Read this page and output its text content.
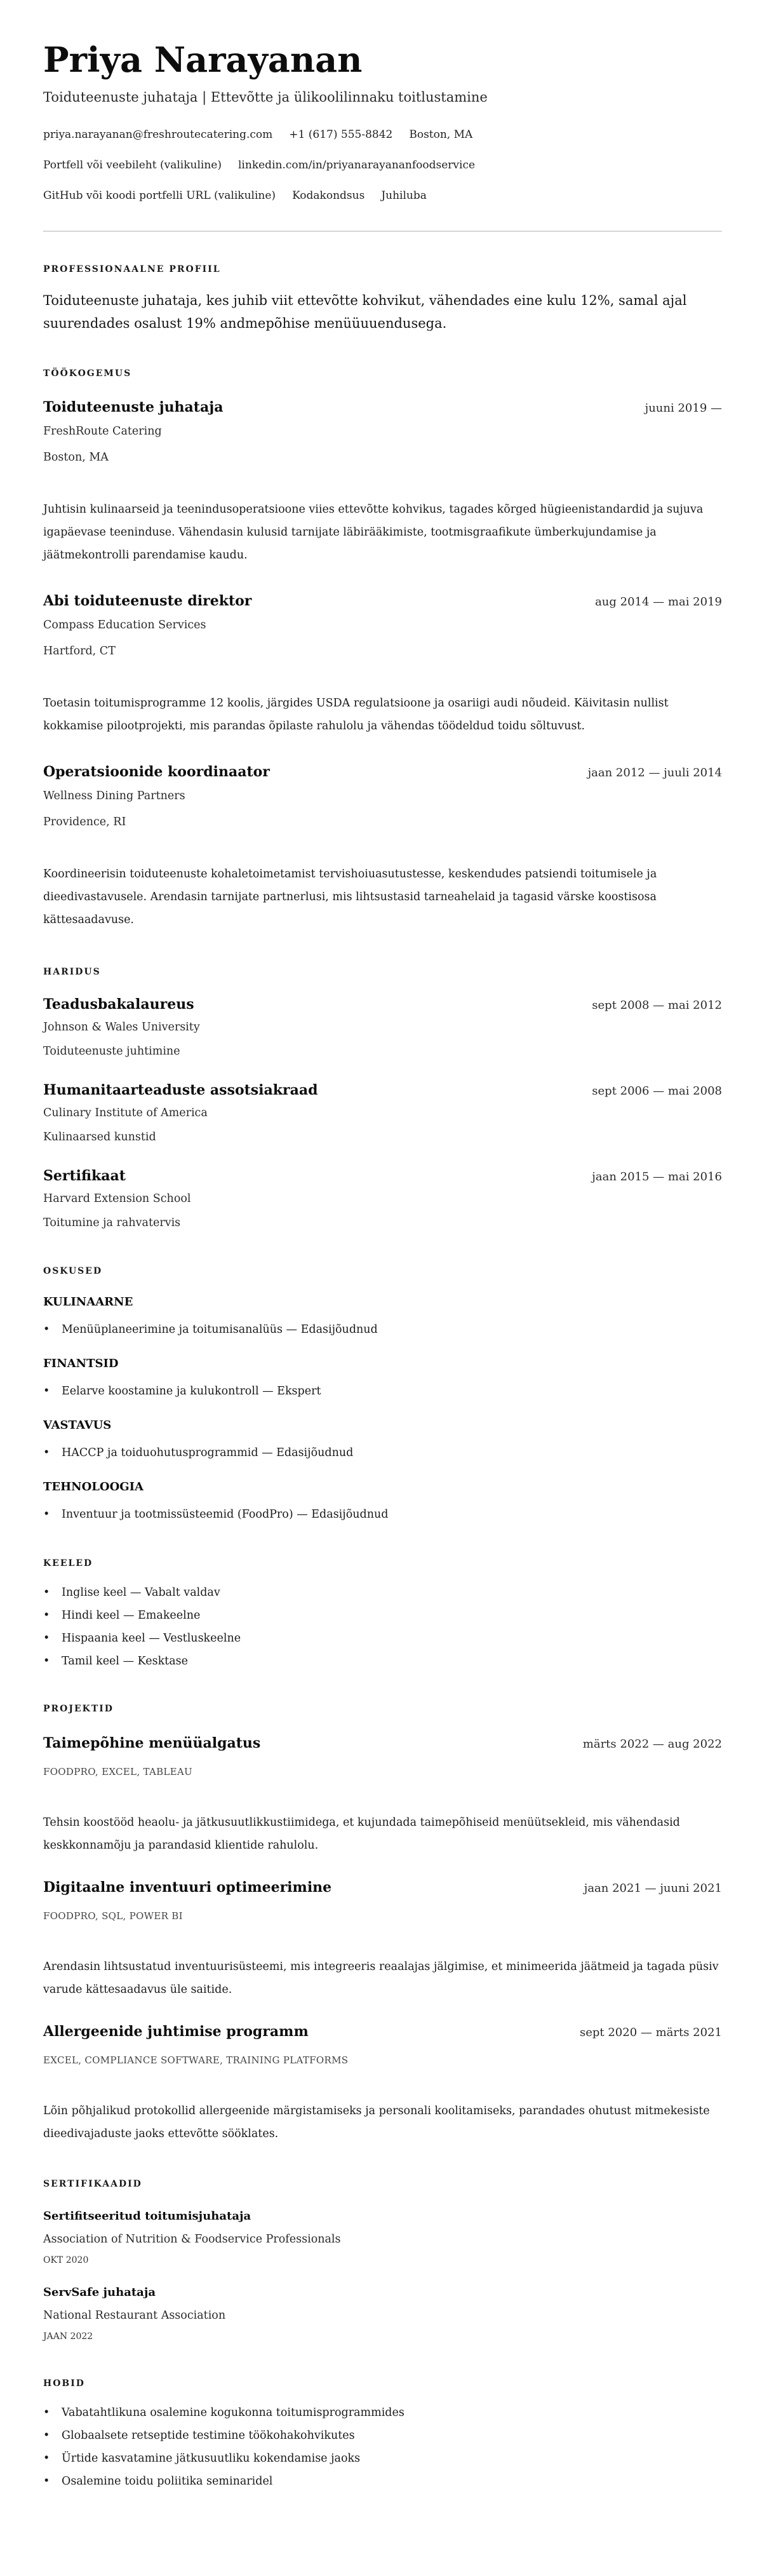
Priya Narayanan
Toiduteenuste juhataja | Ettevõtte ja ülikoolilinnaku toitlustamine
priya.narayanan@freshroutecatering.com +1 (617) 555-8842 Boston, MA
Portfell või veebileht (valikuline) linkedin.com/in/priyanarayananfoodservice
GitHub või koodi portfelli URL (valikuline) Kodakondsus Juhiluba
PROFESSIONAALNE PROFIIL

Toiduteenuste juhataja, kes juhib viit ettevõtte kohvikut, vähendades eine kulu 12%, samal ajal suurendades osalust 19% andmepõhise menüüuuendusega.

TÖÖKOGEMUS
Toiduteenuste juhataja	juuni 2019 —
FreshRoute Catering
Boston, MA
Juhtisin kulinaarseid ja teenindusoperatsioone viies ettevõtte kohvikus, tagades kõrged hügieenistandardid ja sujuva igapäevase teeninduse. Vähendasin kulusid tarnijate läbirääkimiste, tootmisgraafikute ümberkujundamise ja jäätmekontrolli parendamise kaudu.
Abi toiduteenuste direktor	aug 2014 — mai 2019
Compass Education Services
Hartford, CT
Toetasin toitumisprogramme 12 koolis, järgides USDA regulatsioone ja osariigi audi nõudeid. Käivitasin nullist kokkamise pilootprojekti, mis parandas õpilaste rahulolu ja vähendas töödeldud toidu sõltuvust.
Operatsioonide koordinaator	jaan 2012 — juuli 2014
Wellness Dining Partners
Providence, RI
Koordineerisin toiduteenuste kohaletoimetamist tervishoiuasutustesse, keskendudes patsiendi toitumisele ja dieedivastavusele. Arendasin tarnijate partnerlusi, mis lihtsustasid tarneahelaid ja tagasid värske koostisosa kättesaadavuse.
HARIDUS
Teadusbakalaureus	sept 2008 — mai 2012
Johnson & Wales University
Toiduteenuste juhtimine
Humanitaarteaduste assotsiakraad	sept 2006 — mai 2008
Culinary Institute of America
Kulinaarsed kunstid
Sertifikaat	jaan 2015 — mai 2016
Harvard Extension School
Toitumine ja rahvatervis
OSKUSED
KULINAARNE
• Menüüplaneerimine ja toitumisanalüüs — Edasijõudnud
FINANTSID
• Eelarve koostamine ja kulukontroll — Ekspert
VASTAVUS
• HACCP ja toiduohutusprogrammid — Edasijõudnud
TEHNOLOOGIA
• Inventuur ja tootmissüsteemid (FoodPro) — Edasijõudnud
KEELED
• Inglise keel — Vabalt valdav
• Hindi keel — Emakeelne
• Hispaania keel — Vestluskeelne
• Tamil keel — Kesktase
PROJEKTID
Taimepõhine menüüalgatus	märts 2022 — aug 2022
FOODPRO, EXCEL, TABLEAU
Tehsin koostööd heaolu- ja jätkusuutlikkustiimidega, et kujundada taimepõhiseid menüütsekleid, mis vähendasid keskkonnamõju ja parandasid klientide rahulolu.
Digitaalne inventuuri optimeerimine	jaan 2021 — juuni 2021
FOODPRO, SQL, POWER BI
Arendasin lihtsustatud inventuurisüsteemi, mis integreeris reaalajas jälgimise, et minimeerida jäätmeid ja tagada püsiv varude kättesaadavus üle saitide.
Allergeenide juhtimise programm	sept 2020 — märts 2021
EXCEL, COMPLIANCE SOFTWARE, TRAINING PLATFORMS
Lõin põhjalikud protokollid allergeenide märgistamiseks ja personali koolitamiseks, parandades ohutust mitmekesiste dieedivajaduste jaoks ettevõtte sööklates.
SERTIFIKAADID
Sertifitseeritud toitumisjuhataja
Association of Nutrition & Foodservice Professionals
OKT 2020
ServSafe juhataja
National Restaurant Association
JAAN 2022
HOBID
• Vabatahtlikuna osalemine kogukonna toitumisprogrammides
• Globaalsete retseptide testimine töökohakohvikutes
• Ürtide kasvatamine jätkusuutliku kokendamise jaoks
• Osalemine toidu poliitika seminaridel
